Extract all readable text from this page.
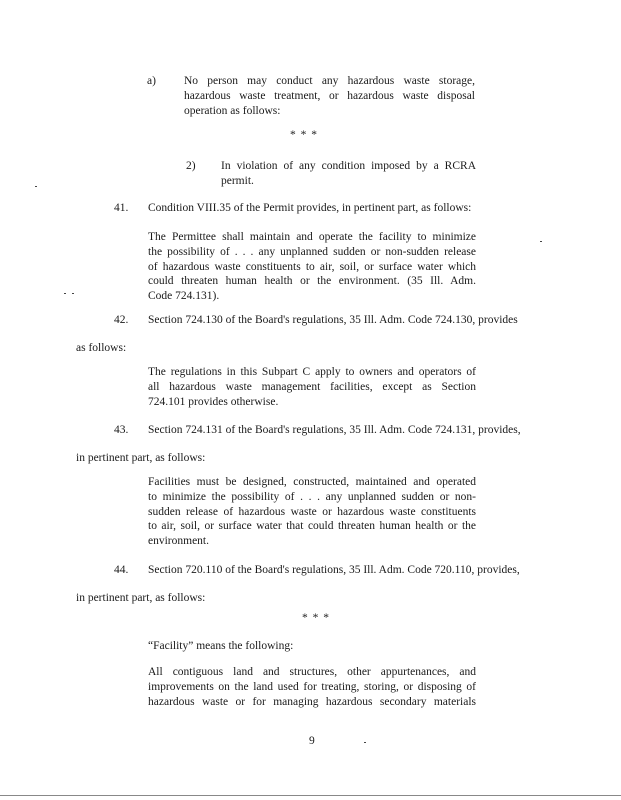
a) No person may conduct any hazardous waste storage,
hazardous waste treatment, or hazardous waste disposal
operation as follows:
* * *
2) In violation of any condition imposed by a RCRA
permit.
41. Condition VIII.35 of the Permit provides, in pertinent part, as follows:
The Permittee shall maintain and operate the facility to minimize
the possibility of . . . any unplanned sudden or non-sudden release
of hazardous waste constituents to air, soil, or surface water which
could threaten human health or the environment. (35 Ill. Adm.
Code 724.131).
42. Section 724.130 of the Board's regulations, 35 Ill. Adm. Code 724.130, provides
as follows:
The regulations in this Subpart C apply to owners and operators of
all hazardous waste management facilities, except as Section
724.101 provides otherwise.
43. Section 724.131 of the Board's regulations, 35 Ill. Adm. Code 724.131, provides,
in pertinent part, as follows:
Facilities must be designed, constructed, maintained and operated
to minimize the possibility of . . . any unplanned sudden or non-
sudden release of hazardous waste or hazardous waste constituents
to air, soil, or surface water that could threaten human health or the
environment.
44. Section 720.110 of the Board's regulations, 35 Ill. Adm. Code 720.110, provides,
in pertinent part, as follows:
* * *
“Facility” means the following:
All contiguous land and structures, other appurtenances, and
improvements on the land used for treating, storing, or disposing of
hazardous waste or for managing hazardous secondary materials
9
